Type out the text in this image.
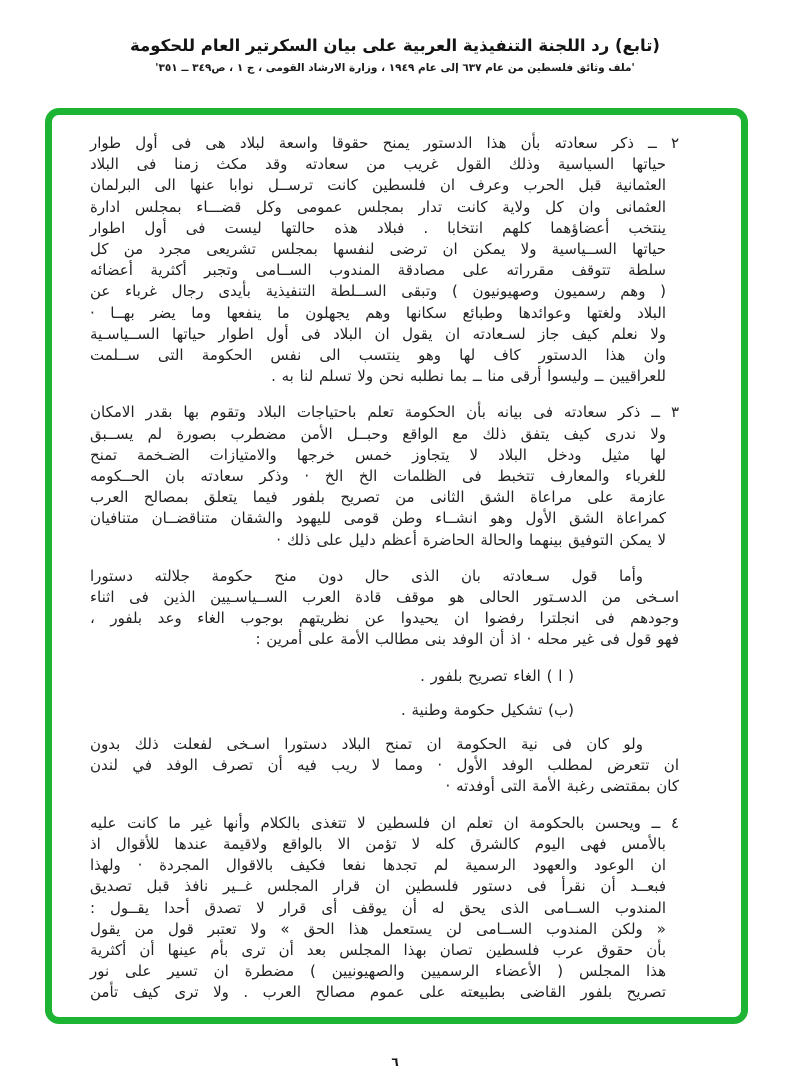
(تابع) رد اللجنة التنفيذية العربية على بيان السكرتير العام للحكومة
'ملف وثائق فلسطين من عام ٦٣٧ إلى عام ١٩٤٩ ، وزارة الارشاد القومى ، ج ١ ، ص٣٤٩ ــ ٣٥١'
٢ ــ ذكر سعادته بأن هذا الدستور يمنح حقوقا واسعة لبلاد هى فى أول طوار
حياتها السياسية وذلك القول غريب من سعادته وقد مكث زمنا فى البلاد
العثمانية قبل الحرب وعرف ان فلسطين كانت ترســل نوابا عنها الى البرلمان
العثمانى وان كل ولاية كانت تدار بمجلس عمومى وكل قضـــاء بمجلس ادارة
ينتخب أعضاؤهما كلهم انتخابا . فبلاد هذه حالتها ليست فى أول اطوار
حياتها الســياسية ولا يمكن ان ترضى لنفسها بمجلس تشريعى مجرد من كل
سلطة تتوقف مقرراته على مصادقة المندوب الســامى وتجبر أكثرية أعضائه
( وهم رسميون وصهيونيون ) وتبقى الســلطة التنفيذية بأيدى رجال غرباء عن
البلاد ولغتها وعوائدها وطبائع سكانها وهم يجهلون ما ينفعها وما يضر بهــا ·
ولا نعلم كيف جاز لسـعادته ان يقول ان البلاد فى أول اطوار حياتها الســياسـية
وان هذا الدستور كاف لها وهو ينتسب الى نفس الحكومة التى ســلمت
للعراقيين ــ وليسوا أرقى منا ــ بما نطلبه نحن ولا تسلم لنا به .
٣ ــ ذكر سعادته فى بيانه بأن الحكومة تعلم باحتياجات البلاد وتقوم بها بقدر الامكان
ولا ندرى كيف يتفق ذلك مع الواقع وحبــل الأمن مضطرب بصورة لم يســبق
لها مثيل ودخل البلاد لا يتجاوز خمس خرجها والامتيازات الضـخمة تمنح
للغرباء والمعارف تتخبط فى الظلمات الخ الخ · وذكر سعادته بان الحــكومه
عازمة على مراعاة الشق الثانى من تصريح بلفور فيما يتعلق بمصالح العرب
كمراعاة الشق الأول وهو انشــاء وطن قومى لليهود والشقان متناقضــان متنافيان
لا يمكن التوفيق بينهما والحالة الحاضرة أعظم دليل على ذلك ·
وأما قول سـعادته بان الذى حال دون منح حكومة جلالته دستورا
اسـخى من الدسـتور الحالى هو موقف قادة العرب الســياسـيين الذين فى اثناء
وجودهم فى انجلترا رفضوا ان يحيدوا عن نظريتهم بوجوب الغاء وعد بلفور ،
فهو قول فى غير محله · اذ أن الوفد بنى مطالب الأمة على أمرين :
( ا ) الغاء تصريح بلفور .
(ب) تشكيل حكومة وطنية .
ولو كان فى نية الحكومة ان تمنح البلاد دستورا اسـخى لفعلت ذلك بدون
ان تتعرض لمطلب الوفد الأول · ومما لا ريب فيه أن تصرف الوفد في لندن
كان بمقتضى رغبة الأمة التى أوفدته ·
٤ ــ ويحسن بالحكومة ان تعلم ان فلسطين لا تتغذى بالكلام وأنها غير ما كانت عليه
بالأمس فهى اليوم كالشرق كله لا تؤمن الا بالواقع ولاقيمة عندها للأقوال اذ
ان الوعود والعهود الرسمية لم تجدها نفعا فكيف بالاقوال المجردة · ولهذا
فبعــد أن نقرأ فى دستور فلسطين ان قرار المجلس غــير نافذ قبل تصديق
المندوب الســامى الذى يحق له أن يوقف أى قرار لا تصدق أحدا يقــول :
« ولكن المندوب الســامى لن يستعمل هذا الحق » ولا تعتبر قول من يقول
بأن حقوق عرب فلسطين تصان بهذا المجلس بعد أن ترى بأم عينها أن أكثرية
هذا المجلس ( الأعضاء الرسميين والصهيونيين ) مضطرة ان تسير على نور
تصريح بلفور القاضى بطبيعته على عموم مصالح العرب . ولا ترى كيف تأمن
٦
